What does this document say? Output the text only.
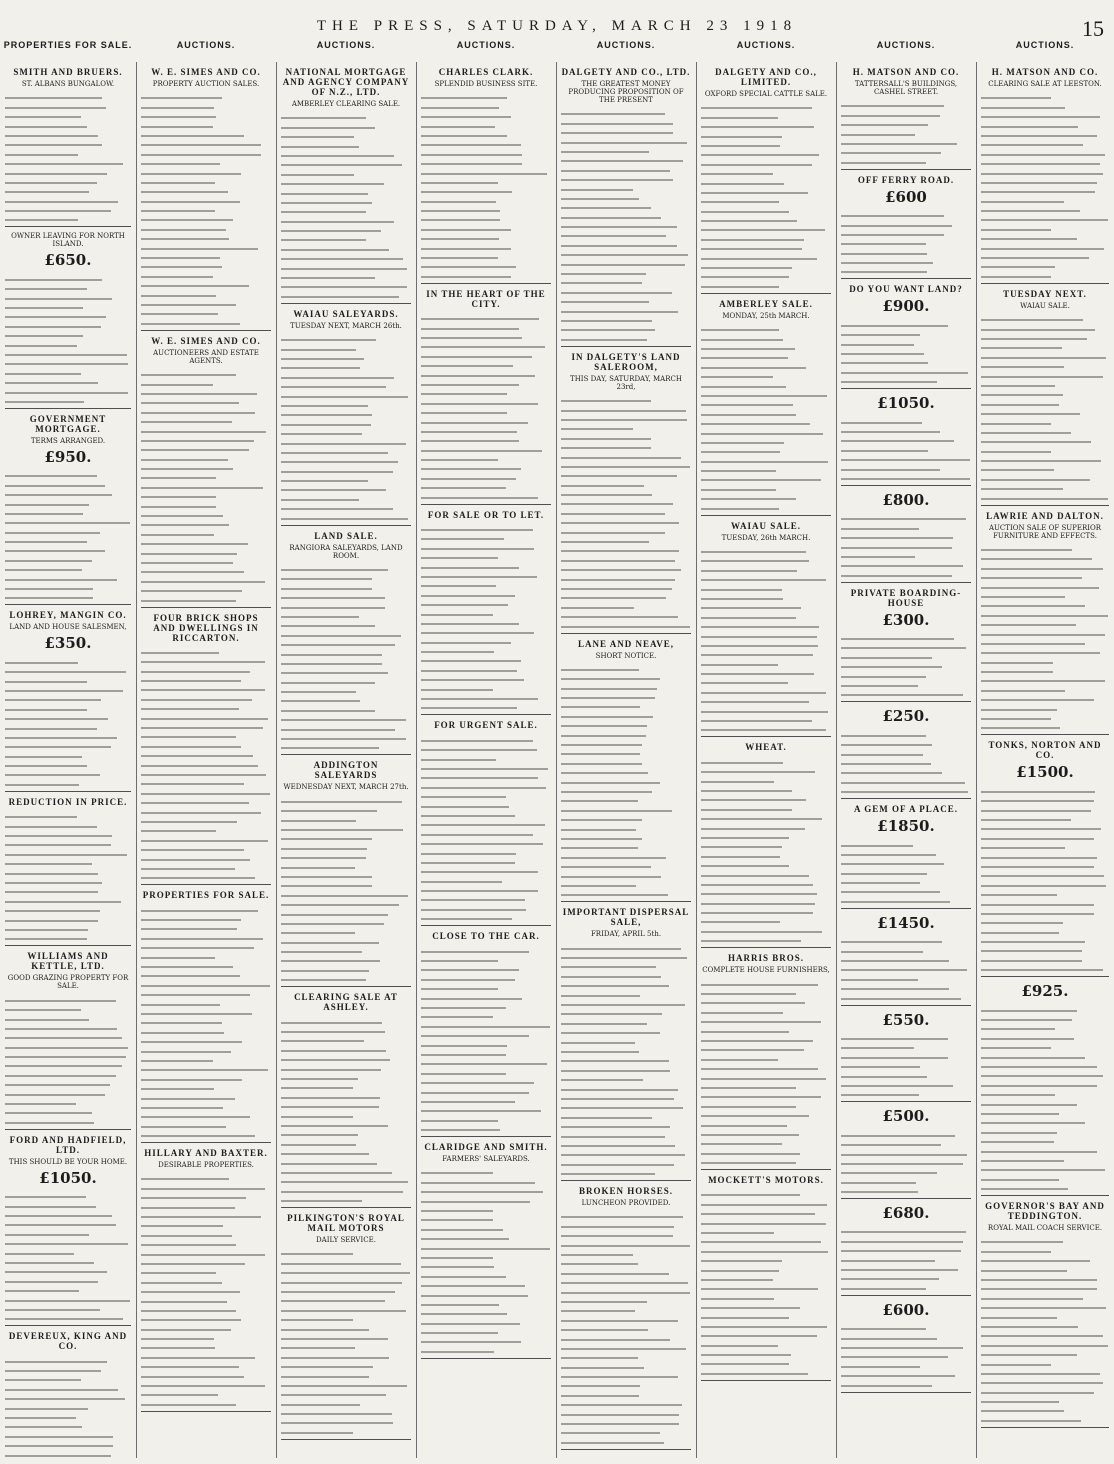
THE PRESS, SATURDAY, MARCH 23 1918	15
PROPERTIES FOR SALE.	AUCTIONS.	AUCTIONS.	AUCTIONS.	AUCTIONS.	AUCTIONS.	AUCTIONS.	AUCTIONS.
SMITH AND BRUERS.
ST. ALBANS BUNGALOW.
OWNER LEAVING FOR NORTH ISLAND.
£650.
GOVERNMENT MORTGAGE.
TERMS ARRANGED.
£950.
LOHREY, MANGIN CO.
LAND AND HOUSE SALESMEN,
£350.
REDUCTION IN PRICE.
WILLIAMS AND KETTLE, LTD.
GOOD GRAZING PROPERTY FOR SALE.
FORD AND HADFIELD, LTD.
THIS SHOULD BE YOUR HOME.
£1050.
DEVEREUX, KING AND CO.
W. E. SIMES AND CO.
PROPERTY AUCTION SALES.
W. E. SIMES AND CO.
AUCTIONEERS AND ESTATE AGENTS.
FOUR BRICK SHOPS AND DWELLINGS IN RICCARTON.
PROPERTIES FOR SALE.
HILLARY AND BAXTER.
DESIRABLE PROPERTIES.
NATIONAL MORTGAGE AND AGENCY COMPANY OF N.Z., LTD.
AMBERLEY CLEARING SALE.
WAIAU SALEYARDS.
TUESDAY NEXT, MARCH 26th.
LAND SALE.
RANGIORA SALEYARDS, LAND ROOM.
ADDINGTON SALEYARDS
WEDNESDAY NEXT, MARCH 27th.
CLEARING SALE AT ASHLEY.
PILKINGTON'S ROYAL MAIL MOTORS
DAILY SERVICE.
CHARLES CLARK.
SPLENDID BUSINESS SITE.
IN THE HEART OF THE CITY.
FOR SALE OR TO LET.
FOR URGENT SALE.
CLOSE TO THE CAR.
CLARIDGE AND SMITH.
FARMERS' SALEYARDS.
DALGETY AND CO., LTD.
THE GREATEST MONEY PRODUCING PROPOSITION OF THE PRESENT
IN DALGETY'S LAND SALEROOM,
THIS DAY, SATURDAY, MARCH 23rd,
LANE AND NEAVE,
SHORT NOTICE.
IMPORTANT DISPERSAL SALE,
FRIDAY, APRIL 5th.
BROKEN HORSES.
LUNCHEON PROVIDED.
DALGETY AND CO., LIMITED.
OXFORD SPECIAL CATTLE SALE.
AMBERLEY SALE.
MONDAY, 25th MARCH.
WAIAU SALE.
TUESDAY, 26th MARCH.
WHEAT.
HARRIS BROS.
COMPLETE HOUSE FURNISHERS,
MOCKETT'S MOTORS.
H. MATSON AND CO.
TATTERSALL'S BUILDINGS, CASHEL STREET.
OFF FERRY ROAD.
£600
DO YOU WANT LAND?
£900.
£1050.
£800.
PRIVATE BOARDING-HOUSE
£300.
£250.
A GEM OF A PLACE.
£1850.
£1450.
£550.
£500.
£680.
£600.
H. MATSON AND CO.
CLEARING SALE AT LEESTON.
TUESDAY NEXT.
WAIAU SALE.
LAWRIE AND DALTON.
AUCTION SALE OF SUPERIOR FURNITURE AND EFFECTS.
TONKS, NORTON AND CO.
£1500.
£925.
GOVERNOR'S BAY AND TEDDINGTON.
ROYAL MAIL COACH SERVICE.
